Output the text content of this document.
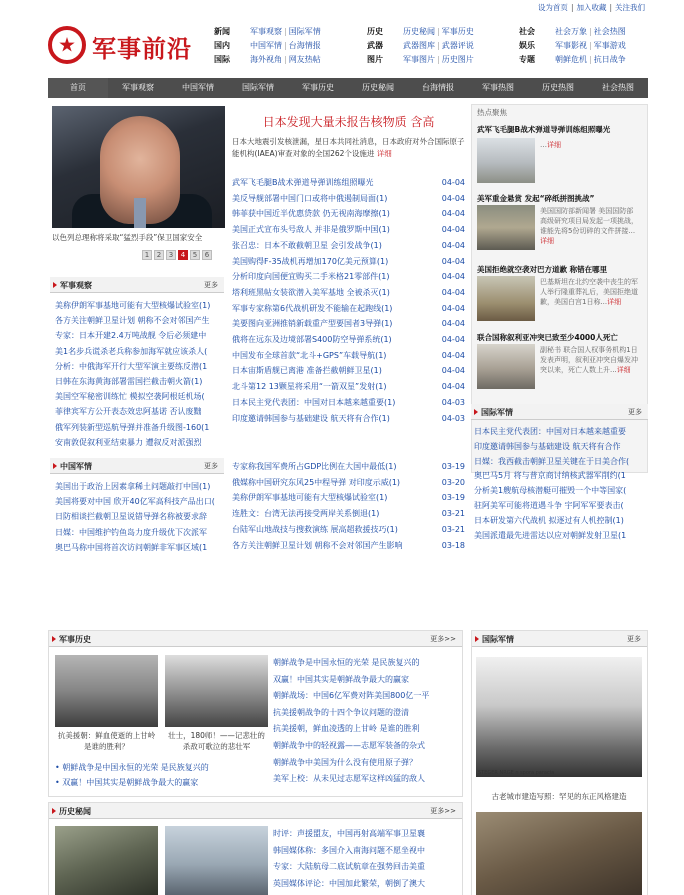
设为首页 | 加入收藏 | 关注我们
军事前沿
新闻	军事观察 | 国际军情
国内	中国军情 | 台海情报
国际	海外视角 | 网友热帖
历史	历史秘闻 | 军事历史
武器	武器图库 | 武器评说
图片	军事图片 | 历史图片
社会	社会万象 | 社会热图
娱乐	军事影视 | 军事游戏
专题	朝鲜危机 | 抗日战争
首页	军事观察	中国军情	国际军情	军事历史	历史秘闻	台海情报	军事热图	历史热图	社会热图
以色列总理称将采取“猛烈手段”保卫国家安全
1	2	3	4	5	6
日本发现大量未报告核物质 含高
日本大地震引发核泄漏，星日本共同社消息，日本政府对外合国际原子能机构(IAEA)审查对象的全国262个设施进 详细
武军飞毛腿B战术弹道导弹训练组照曝光	04-04
美反导舰部署中国门口或将中俄遏制局面(1)	04-04
韩菲获中国近半优惠贷款 仍无视南海摩擦(1)	04-04
美国正式宣布头号敌人 并非是俄罗斯中国(1)	04-04
张召忠：日本不敢截朝卫星 会引发战争(1)	04-04
美国购得F-35战机再增加170亿美元预算(1)	04-04
分析印度向国便宜购买二手米格21零部件(1)	04-04
塔利班黑帖女装欲潜入美军基地 全被杀灭(1)	04-04
军事专家称第6代战机研发不能输在起跑线(1)	04-04
美要图向亚洲推销新载重产型要国者3导弹(1)	04-04
俄将在远东及边境部署S400防空导弹系统(1)	04-04
中国发布全球首款“北斗+GPS”车载导航(1)	04-04
日本宙斯盾舰已离港 准备拦截朝鲜卫星(1)	04-04
北斗第12 13颗星将采用“一箭双星”发射(1)	04-04
日本民主党代表团：中国对日本越来越重要(1)	04-03
印度邀请韩国参与基础建设 航天将有合作(1)	04-03
专家称我国军费所占GDP比例在大国中最低(1)	03-19
俄媒称中国研究东风25中程导弹 对印度示威(1)	03-20
美称伊朗军事基地可能有大型核爆试验室(1)	03-19
连胜文：台湾无法再接受两岸关系倒退(1)	03-21
台陆军山地战技与搜救演练 展高超救援技巧(1)	03-21
各方关注朝鲜卫星计划 朝称不会对邻国产生影响	03-18
军事观察	更多
美称伊朗军事基地可能有大型核爆试验室(1)
各方关注朝鲜卫星计划 朝称不会对邻国产生
专家：日本开建2.4万吨战舰 令后必须建中
美1名步兵谎杀老兵称参加海军就应该杀人(
分析：中俄海军开行大型军演主要练反潜(1
日韩在东海黄海部署雷国拦截击朝火箭(1)
美国空军秘密训练忙 模拟空袭阿根廷机场(
菲律宾军方公开表态效忠阿基诺 否认废黜
俄军列装新型巡航导弹并准备升级图-160(1
安南敦促叙利亚结束暴力 遭叙反对派强烈
中国军情	更多
美国出于政治上因素拿稀土问题敲打中国(1)
美国将要对中国 欣开40亿军高科技产品出口(
日防相谈拦截朝卫星说错导弹名称被要求辞
日媒：中国维护钓鱼岛力度升级优下次派军
奥巴马称中国将首次访问朝鲜非军事区域(1
热点聚焦
武军飞毛腿B战术弹道导弹训练组照曝光
…详细
美军重金悬赏 发起“碎纸拼图挑战”
美国国防部新闻署 美国国防部高级研究项目局发起一项挑战，谁能先将5份切碎的文件拼接...详细
美国拒绝就空袭对巴方道歉 称错在哪里
巴基斯坦在北约空袭中丧生的军人举行隆重葬礼后，美国拒绝道歉，美国白宫1日称...详细
联合国称叙利亚冲突已致至少4000人死亡
副秘书 联合国人权事务机构1日发表声明，叙利亚冲突自爆发冲突以来，死亡人数上升...详细
国际军情	更多
日本民主党代表团：中国对日本越来越重要
印度邀请韩国参与基础建设 航天将有合作
日媒：我西截击朝鲜卫星关键在于日美合作(
奥巴马5月 将与普京商讨纳核武器军削约(1
分析美1艘航母核潜艇可摧毁一个中等国家(
驻阿美军可能将道遇斗争 宇阿军军要表击(
日本研发第六代战机 拟逐过有人机控制(1)
美国派遣最先进雷达以应对朝鲜发射卫星(1
军事历史	更多>>
抗美援朝：鲜血使逝的上甘岭是谁的胜利？
壮士，180师！——记悲壮的杀敌可歌泣的悲壮军
• 朝鲜战争是中国永恒的光荣 是民族复兴的
• 双赢！中国其实是朝鲜战争最大的赢家
朝鲜战争是中国永恒的光荣 是民族复兴的
双赢！中国其实是朝鲜战争最大的赢家
朝鲜战场：中国6亿军费对阵美国800亿一平
抗美援朝战争的十四个争议问题的澄清
抗美援朝，鲜血凌透的上甘岭 是谁的胜利
朝鲜战争中的轻视露——志愿军装备的杂式
朝鲜战争中美国为什么没有使用原子弹？
美军上校：从未见过志愿军这样凶猛的敌人
历史秘闻	更多>>
时评：声援盟友，中国再射高端军事卫星襄
韩国媒体称：多国介入南海问题不愿坐视中
专家：大陆航母二底试航章在强势回击美重
英国媒体评论：中国加此繁荣，朝倒了澳大
国际军情	更多
STEGER NRGE n spora paracia
古老城市建造写照：罕见的东正风格建造
